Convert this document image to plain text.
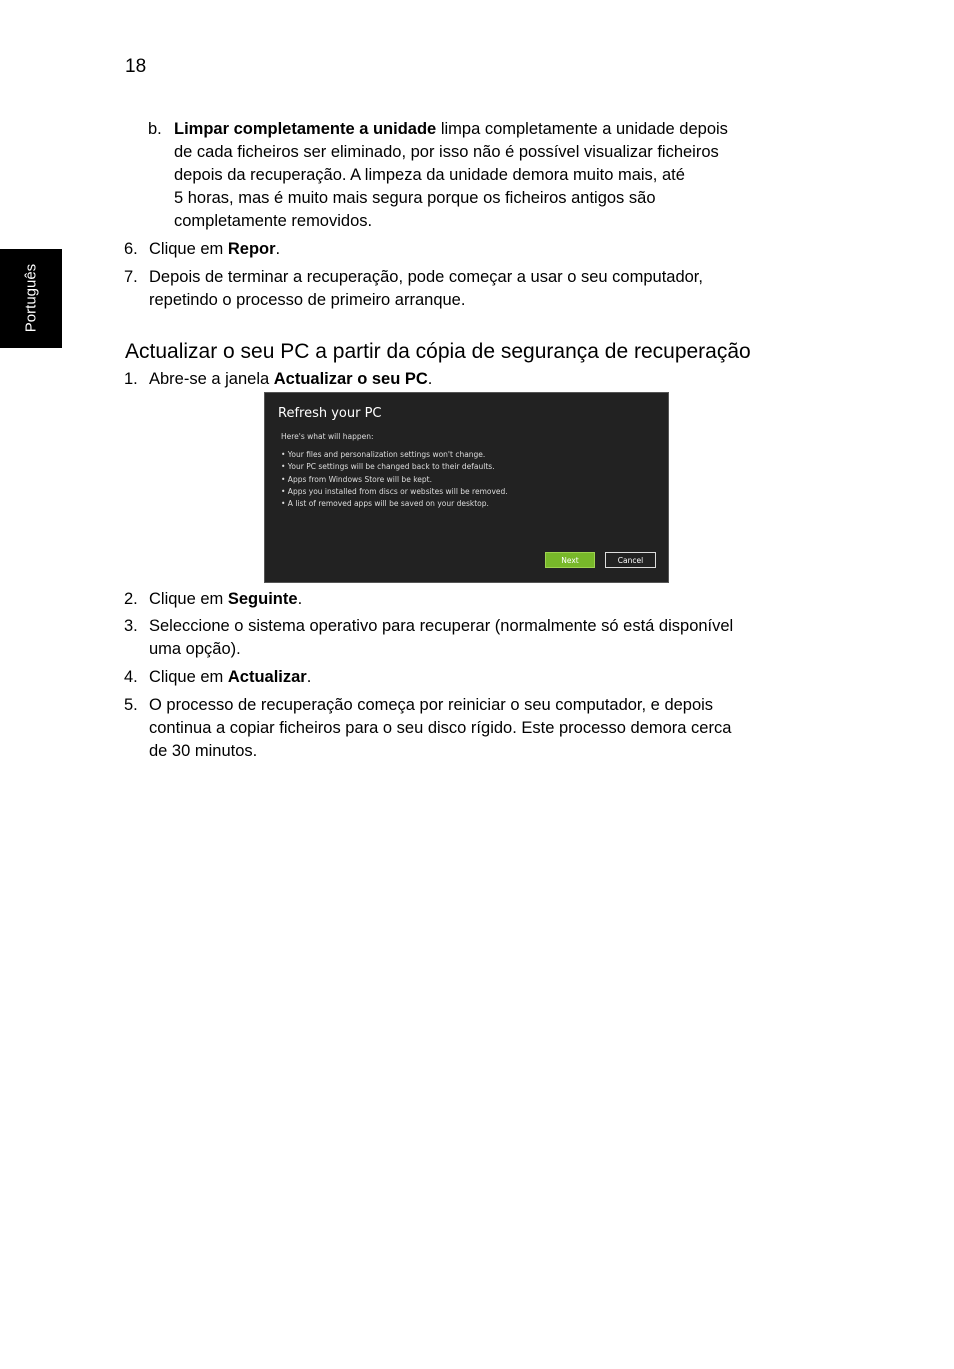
18
Português
b. Limpar completamente a unidade limpa completamente a unidade depois
de cada ficheiros ser eliminado, por isso não é possível visualizar ficheiros
depois da recuperação. A limpeza da unidade demora muito mais, até
5 horas, mas é muito mais segura porque os ficheiros antigos são
completamente removidos.
6. Clique em Repor.
7. Depois de terminar a recuperação, pode começar a usar o seu computador,
repetindo o processo de primeiro arranque.
Actualizar o seu PC a partir da cópia de segurança de recuperação
1. Abre-se a janela Actualizar o seu PC.
Refresh your PC
Here's what will happen:
• Your files and personalization settings won't change.
• Your PC settings will be changed back to their defaults.
• Apps from Windows Store will be kept.
• Apps you installed from discs or websites will be removed.
• A list of removed apps will be saved on your desktop.
Next	Cancel
2. Clique em Seguinte.
3. Seleccione o sistema operativo para recuperar (normalmente só está disponível
uma opção).
4. Clique em Actualizar.
5. O processo de recuperação começa por reiniciar o seu computador, e depois
continua a copiar ficheiros para o seu disco rígido. Este processo demora cerca
de 30 minutos.
